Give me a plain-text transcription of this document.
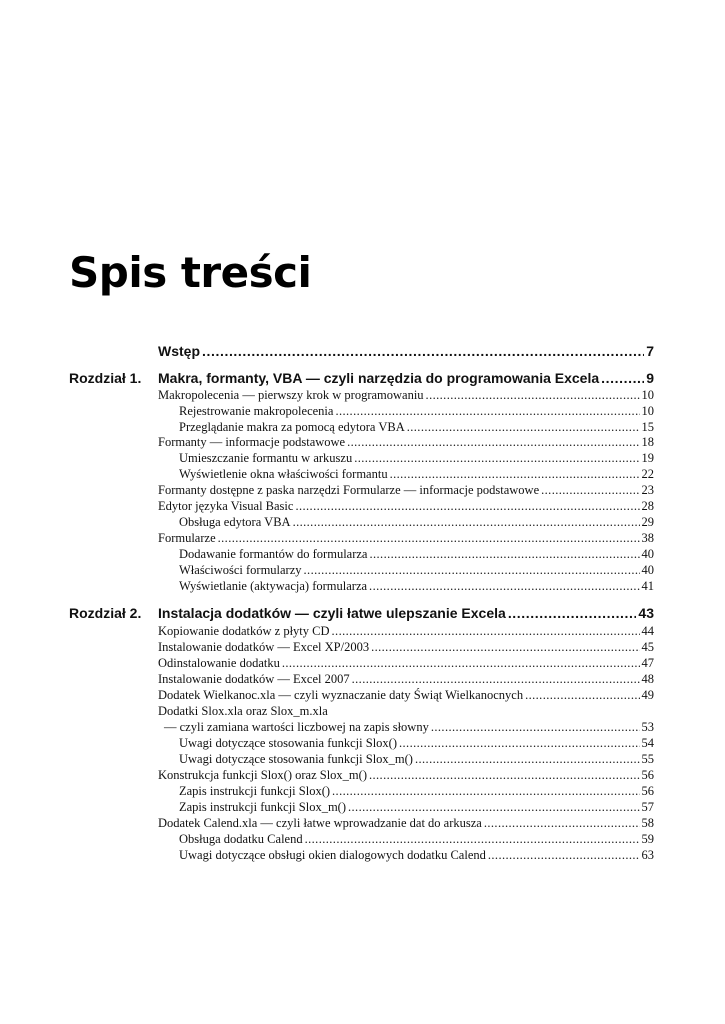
Spis treści
Wstęp .....	7
Rozdział 1. Makra, formanty, VBA — czyli narzędzia do programowania Excela .....	9
Makropolecenia — pierwszy krok w programowaniu .....	10
Rejestrowanie makropolecenia .....	10
Przeglądanie makra za pomocą edytora VBA .....	15
Formanty — informacje podstawowe .....	18
Umieszczanie formantu w arkuszu .....	19
Wyświetlenie okna właściwości formantu .....	22
Formanty dostępne z paska narzędzi Formularze — informacje podstawowe .....	23
Edytor języka Visual Basic .....	28
Obsługa edytora VBA .....	29
Formularze .....	38
Dodawanie formantów do formularza .....	40
Właściwości formularzy .....	40
Wyświetlanie (aktywacja) formularza .....	41
Rozdział 2. Instalacja dodatków — czyli łatwe ulepszanie Excela .....	43
Kopiowanie dodatków z płyty CD .....	44
Instalowanie dodatków — Excel XP/2003 .....	45
Odinstalowanie dodatku .....	47
Instalowanie dodatków — Excel 2007 .....	48
Dodatek Wielkanoc.xla — czyli wyznaczanie daty Świąt Wielkanocnych .....	49
Dodatki Slox.xla oraz Slox_m.xla
— czyli zamiana wartości liczbowej na zapis słowny .....	53
Uwagi dotyczące stosowania funkcji Slox() .....	54
Uwagi dotyczące stosowania funkcji Slox_m() .....	55
Konstrukcja funkcji Slox() oraz Slox_m() .....	56
Zapis instrukcji funkcji Slox() .....	56
Zapis instrukcji funkcji Slox_m() .....	57
Dodatek Calend.xla — czyli łatwe wprowadzanie dat do arkusza .....	58
Obsługa dodatku Calend .....	59
Uwagi dotyczące obsługi okien dialogowych dodatku Calend .....	63
